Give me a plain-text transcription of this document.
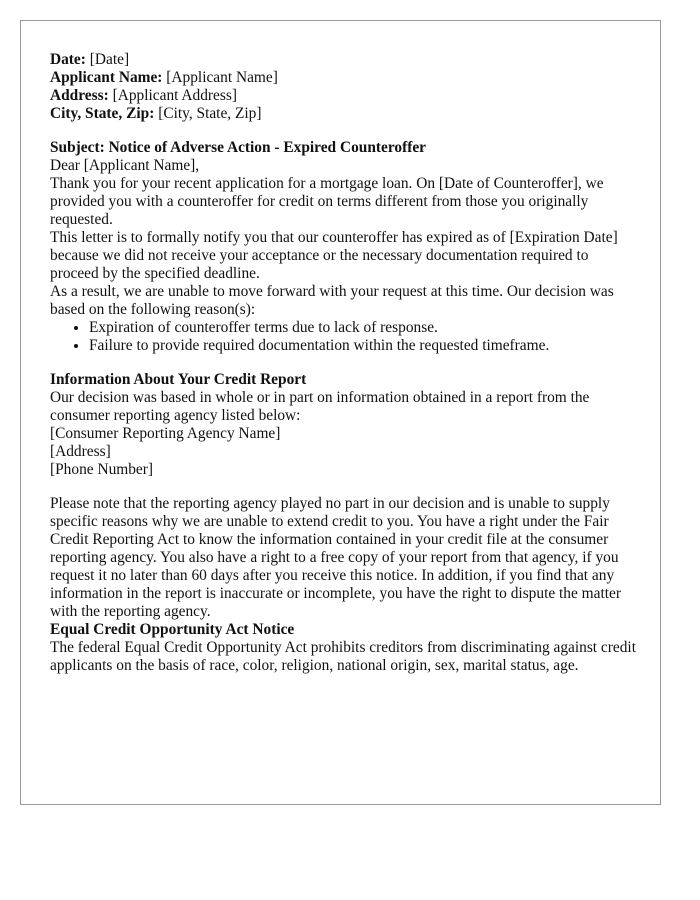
Date: [Date]

Applicant Name: [Applicant Name]

Address: [Applicant Address]

City, State, Zip: [City, State, Zip]

Subject: Notice of Adverse Action - Expired Counteroffer

Dear [Applicant Name],

Thank you for your recent application for a mortgage loan. On [Date of Counteroffer], we provided you with a counteroffer for credit on terms different from those you originally requested.

This letter is to formally notify you that our counteroffer has expired as of [Expiration Date] because we did not receive your acceptance or the necessary documentation required to proceed by the specified deadline.

As a result, we are unable to move forward with your request at this time. Our decision was based on the following reason(s):

• Expiration of counteroffer terms due to lack of response.
• Failure to provide required documentation within the requested timeframe.

Information About Your Credit Report

Our decision was based in whole or in part on information obtained in a report from the consumer reporting agency listed below:

[Consumer Reporting Agency Name]

[Address]

[Phone Number]

Please note that the reporting agency played no part in our decision and is unable to supply specific reasons why we are unable to extend credit to you. You have a right under the Fair Credit Reporting Act to know the information contained in your credit file at the consumer reporting agency. You also have a right to a free copy of your report from that agency, if you request it no later than 60 days after you receive this notice. In addition, if you find that any information in the report is inaccurate or incomplete, you have the right to dispute the matter with the reporting agency.

Equal Credit Opportunity Act Notice

The federal Equal Credit Opportunity Act prohibits creditors from discriminating against credit applicants on the basis of race, color, religion, national origin, sex, marital status, age.
